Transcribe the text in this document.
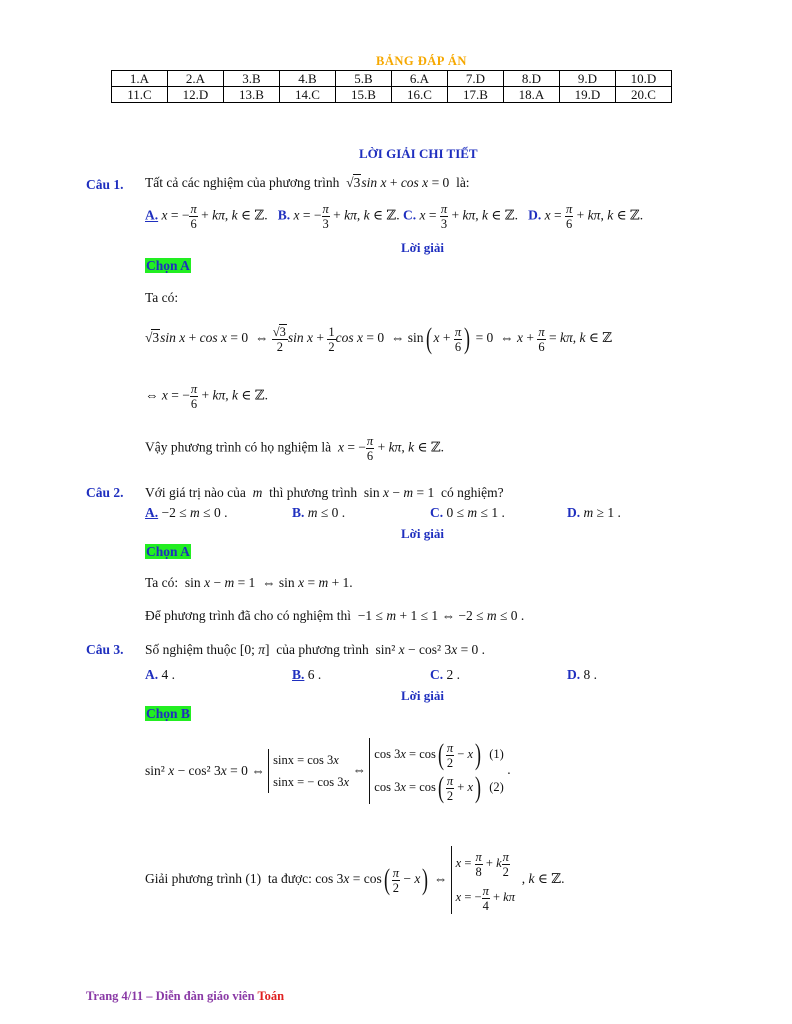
BẢNG ĐÁP ÁN
1.A	2.A	3.B	4.B	5.B	6.A	7.D	8.D	9.D	10.D
11.C	12.D	13.B	14.C	15.B	16.C	17.B	18.A	19.D	20.C
LỜI GIẢI CHI TIẾT
Câu 1. Tất cả các nghiệm của phương trình  √3sin x + cos x = 0  là:
A. x = − $\frac{\pi}{6} + k\pi$, k ∈ ℤ.   B. x = − $\frac{\pi}{3} + k\pi$, k ∈ ℤ. C. $x = \frac{\pi}{3} + k\pi$, k ∈ ℤ.   D. $x = \frac{\pi}{6} + k\pi$, k ∈ ℤ.
Lời giải
Chọn A
Ta có:
√3sin x + cos x = 0  ⇔ $\frac{√3}{2}$ $\sin x + \frac{1}{2}$ cos x = 0  ⇔ sin( $x + \frac{\pi}{6}$ ) = 0  ⇔ $x + \frac{\pi}{6} = k\pi$, k ∈ ℤ
⇔ x = − $\frac{\pi}{6} + k\pi$, k ∈ ℤ.
Vậy phương trình có họ nghiệm là x = − $\frac{\pi}{6} + k\pi$, k ∈ ℤ.
Câu 2. Với giá trị nào của m thì phương trình  sin x − m = 1  có nghiệm?
A. −2 ≤ m ≤ 0 .	B. m ≤ 0 .	C. 0 ≤ m ≤ 1 .	D. m ≥ 1 .
Lời giải
Chọn A
Ta có:  sin x − m = 1  ⇔ sin x = m + 1.
Để phương trình đã cho có nghiệm thì  −1 ≤ m + 1 ≤ 1 ⇔ −2 ≤ m ≤ 0 .
Câu 3. Số nghiệm thuộc [0; π]  của phương trình  sin² x − cos² 3x = 0 .
A. 4 .	B. 6 .	C. 2 .	D. 8 .
Lời giải
Chọn B
sin² x − cos² 3x = 0 ⇔ sinx = cos 3x
sinx = − cos 3x ⇔ $\cos 3x = \cos( \frac{\pi}{2} - x)$  (1)
$\cos 3x = \cos( \frac{\pi}{2} + x)$  (2) .
Giải phương trình (1)  ta được: $\cos 3x = \cos( \frac{\pi}{2} - x)$ ⇔ $x = \frac{\pi}{8} + k \frac{\pi}{2}$

x = − $\frac{\pi}{4} + k\pi$  , k ∈ ℤ.
Trang 4/11 – Diễn đàn giáo viên Toán
